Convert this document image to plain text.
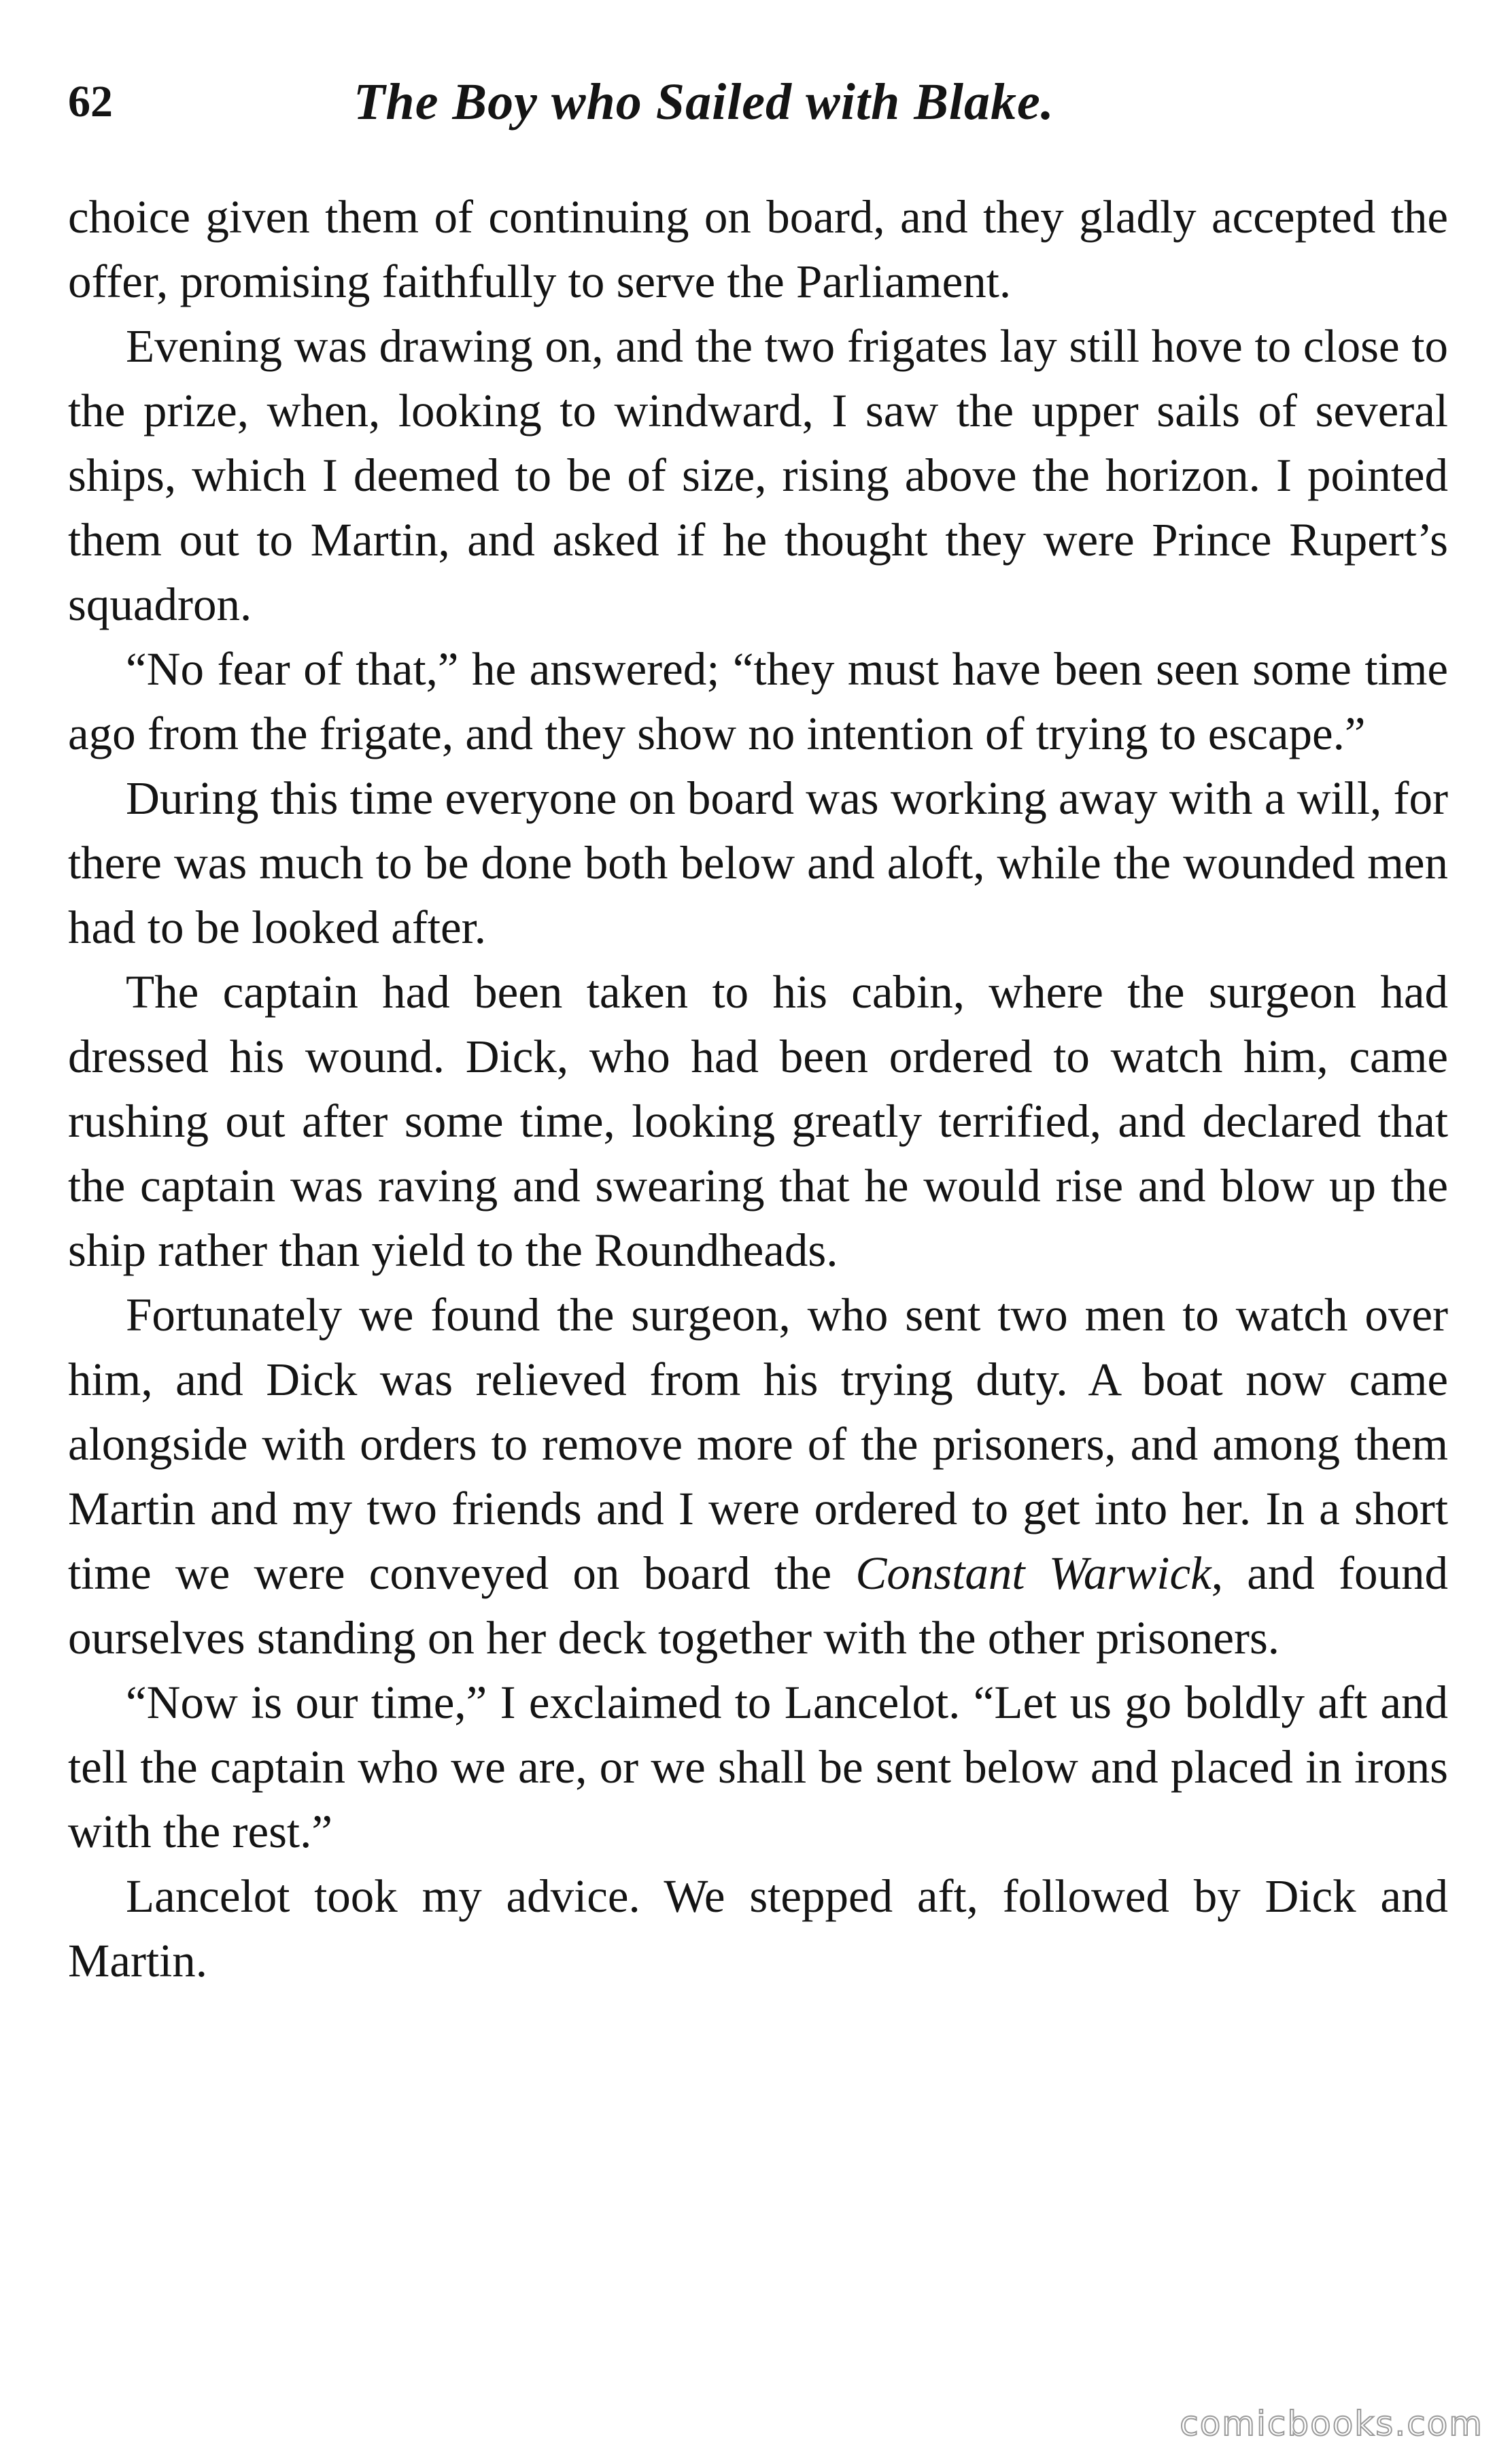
62	The Boy who Sailed with Blake.

choice given them of continuing on board, and they gladly accepted the offer, promising faithfully to serve the Parliament.

Evening was drawing on, and the two frigates lay still hove to close to the prize, when, looking to windward, I saw the upper sails of several ships, which I deemed to be of size, rising above the horizon. I pointed them out to Martin, and asked if he thought they were Prince Rupert’s squadron.

“No fear of that,” he answered; “they must have been seen some time ago from the frigate, and they show no intention of trying to escape.”

During this time everyone on board was working away with a will, for there was much to be done both below and aloft, while the wounded men had to be looked after.

The captain had been taken to his cabin, where the surgeon had dressed his wound. Dick, who had been ordered to watch him, came rushing out after some time, looking greatly terrified, and declared that the captain was raving and swearing that he would rise and blow up the ship rather than yield to the Roundheads.

Fortunately we found the surgeon, who sent two men to watch over him, and Dick was relieved from his trying duty. A boat now came alongside with orders to remove more of the prisoners, and among them Martin and my two friends and I were ordered to get into her. In a short time we were conveyed on board the Constant Warwick, and found ourselves standing on her deck together with the other prisoners.

“Now is our time,” I exclaimed to Lancelot. “Let us go boldly aft and tell the captain who we are, or we shall be sent below and placed in irons with the rest.”

Lancelot took my advice. We stepped aft, followed by Dick and Martin.

comicbooks.com
